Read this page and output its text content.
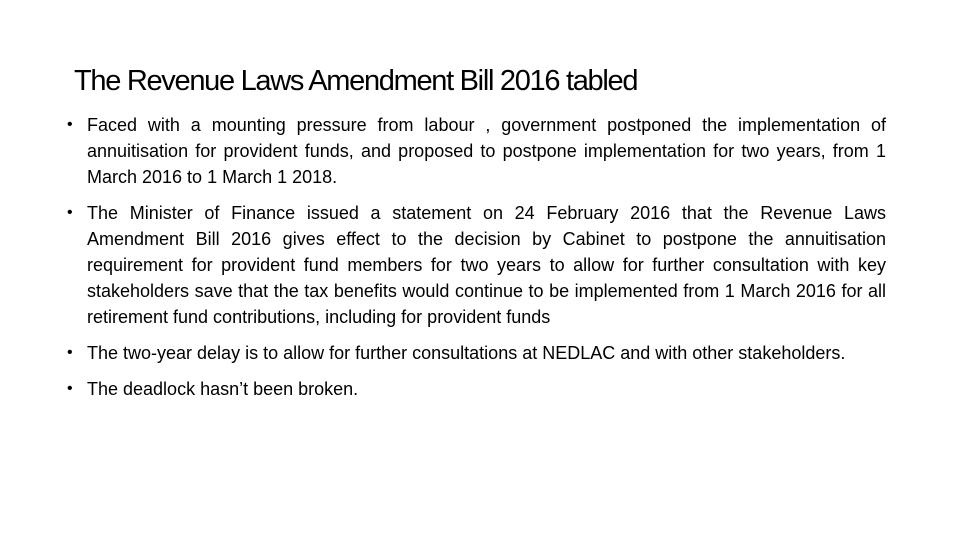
The Revenue Laws Amendment Bill 2016 tabled
• Faced with a mounting pressure from labour , government postponed the implementation of annuitisation for provident funds, and proposed to postpone implementation for two years, from 1 March 2016 to 1 March 1 2018.
• The Minister of Finance issued a statement on 24 February 2016 that the Revenue Laws Amendment Bill 2016 gives effect to the decision by Cabinet to postpone the annuitisation requirement for provident fund members for two years to allow for further consultation with key stakeholders save that the tax benefits would continue to be implemented from 1 March 2016 for all retirement fund contributions, including for provident funds
• The two-year delay is to allow for further consultations at NEDLAC and with other stakeholders.
• The deadlock hasn’t been broken.
